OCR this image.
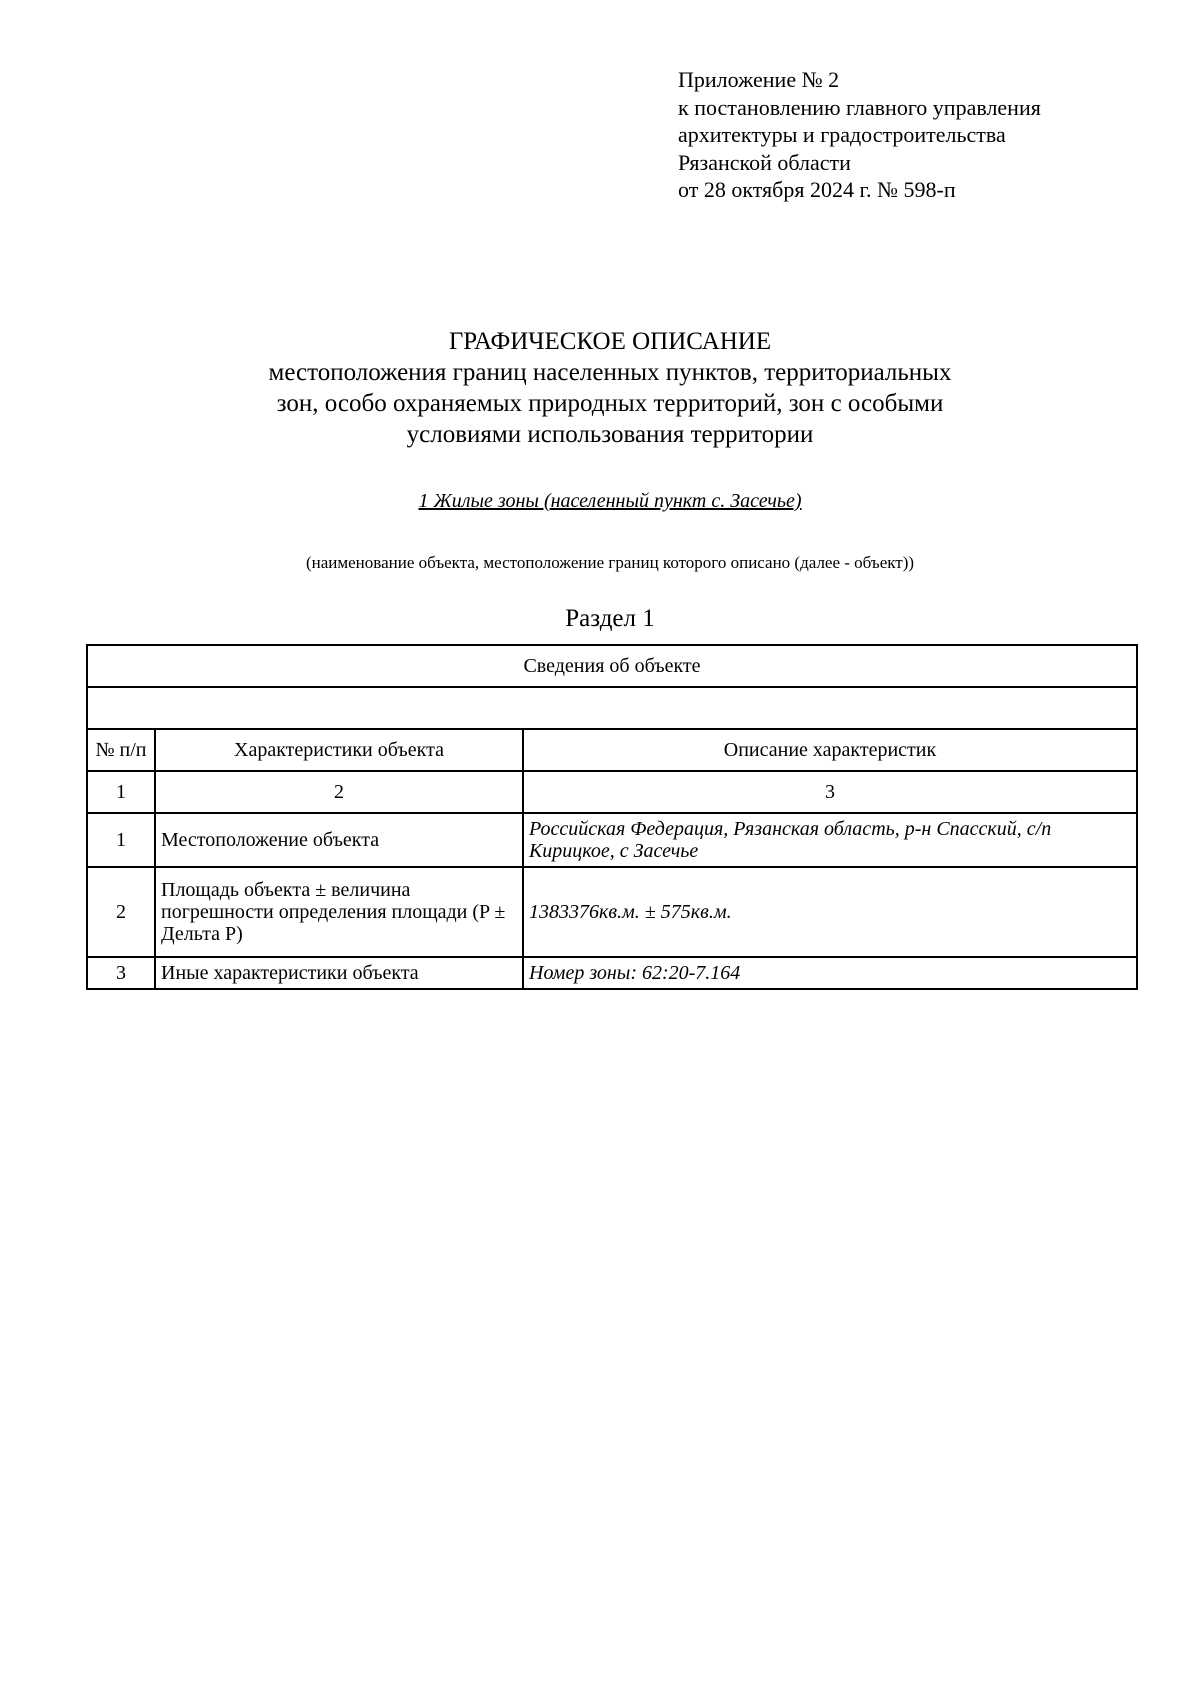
Приложение № 2
к постановлению главного управления
архитектуры и градостроительства
Рязанской области
от 28 октября 2024 г. № 598-п
ГРАФИЧЕСКОЕ ОПИСАНИЕ
местоположения границ населенных пунктов, территориальных
зон, особо охраняемых природных территорий, зон с особыми
условиями использования территории
1 Жилые зоны (населенный пункт с. Засечье)
(наименование объекта, местоположение границ которого описано (далее - объект))
Раздел 1
Сведения об объекте		

№ п/п	Характеристики объекта	Описание характеристик
1	2	3
1	Местоположение объекта	Российская Федерация, Рязанская область, р-н Спасский, с/п Кирицкое, с Засечье
2	Площадь объекта ± величина погрешности определения площади (P ± Дельта P)	1383376кв.м. ± 575кв.м.
3	Иные характеристики объекта	Номер зоны: 62:20-7.164
